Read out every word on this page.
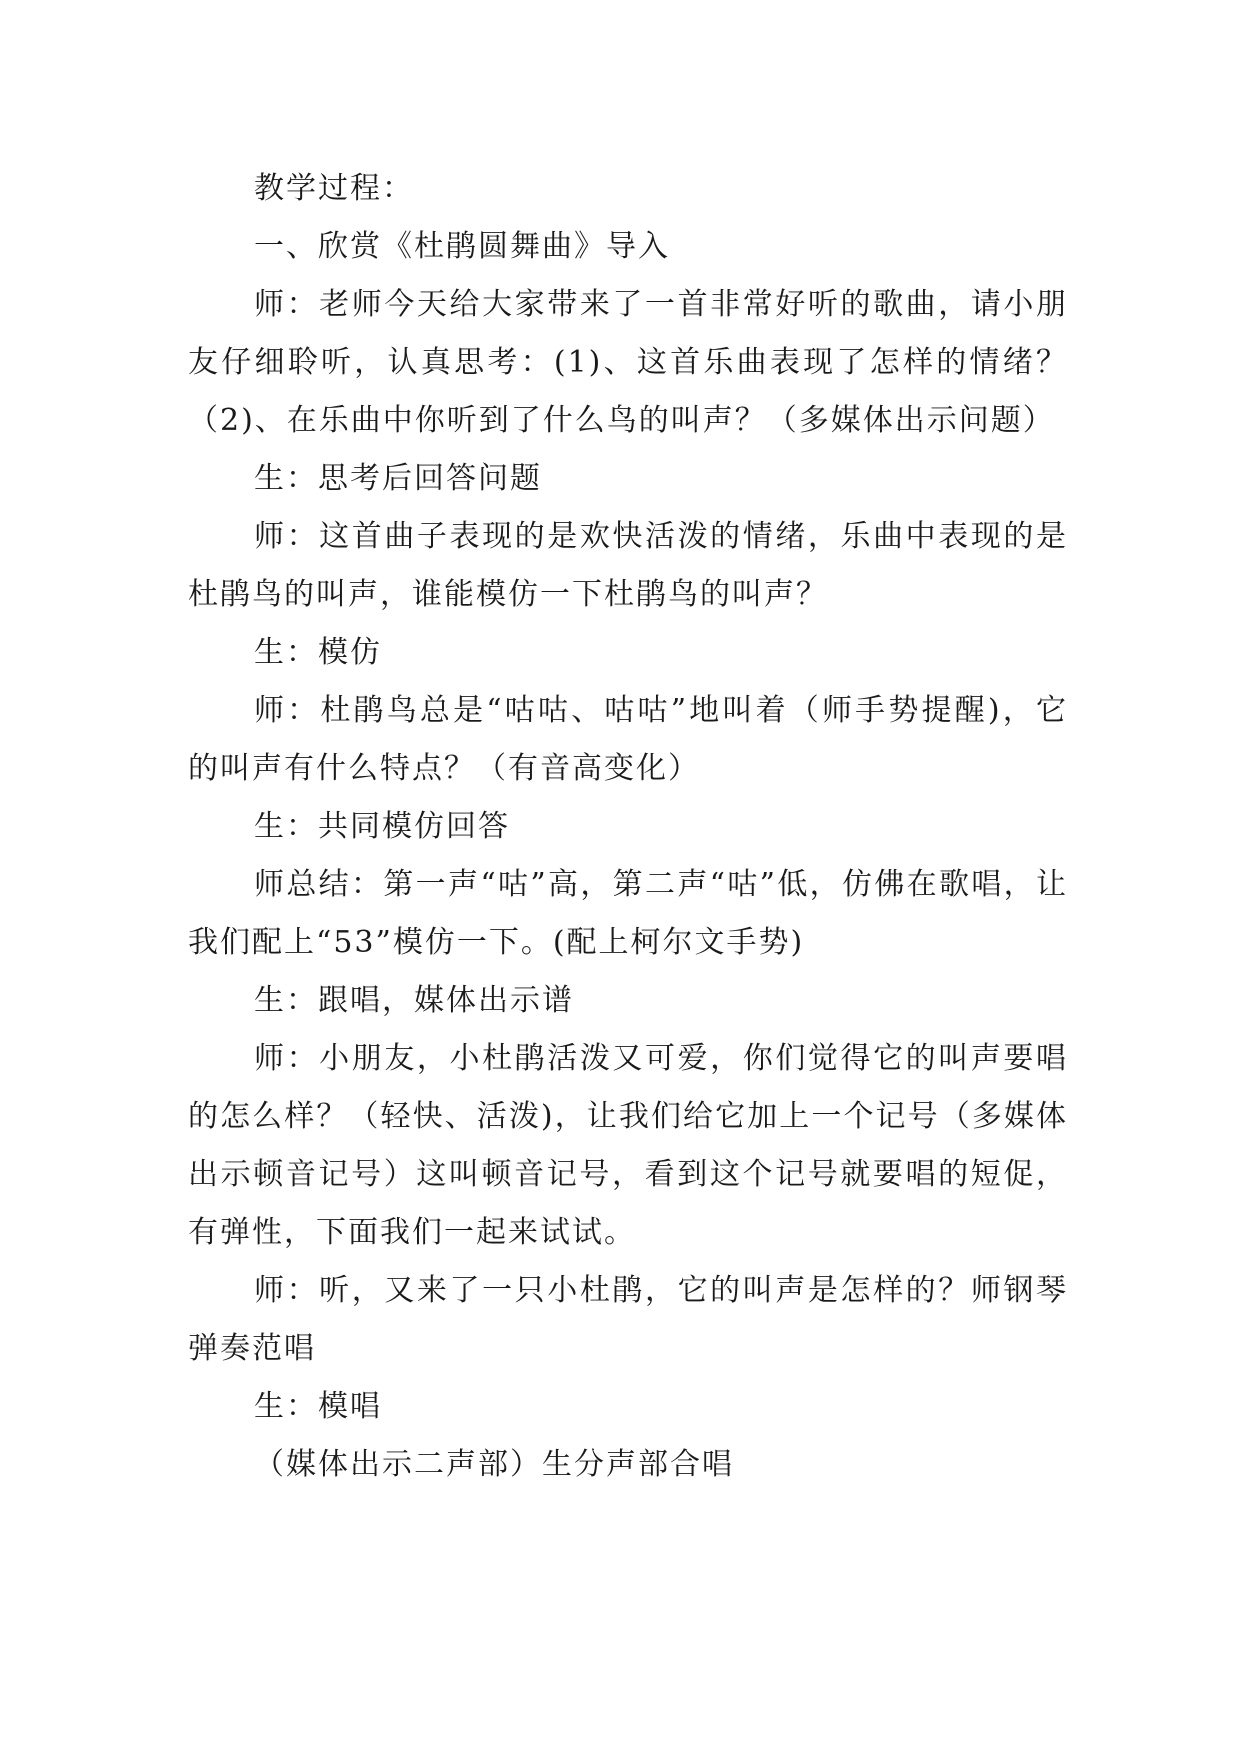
教学过程：

一、欣赏《杜鹃圆舞曲》导入

师：老师今天给大家带来了一首非常好听的歌曲，请小朋友仔细聆听，认真思考：(1)、这首乐曲表现了怎样的情绪？（2)、在乐曲中你听到了什么鸟的叫声？（多媒体出示问题）

生：思考后回答问题

师：这首曲子表现的是欢快活泼的情绪，乐曲中表现的是杜鹃鸟的叫声，谁能模仿一下杜鹃鸟的叫声？

生：模仿

师：杜鹃鸟总是“咕咕、咕咕”地叫着（师手势提醒)，它的叫声有什么特点？（有音高变化）

生：共同模仿回答

师总结：第一声“咕”高，第二声“咕”低，仿佛在歌唱，让我们配上“53”模仿一下。(配上柯尔文手势)

生：跟唱，媒体出示谱

师：小朋友，小杜鹃活泼又可爱，你们觉得它的叫声要唱的怎么样？（轻快、活泼)，让我们给它加上一个记号（多媒体出示顿音记号）这叫顿音记号，看到这个记号就要唱的短促，有弹性，下面我们一起来试试。

师：听，又来了一只小杜鹃，它的叫声是怎样的？师钢琴弹奏范唱

生：模唱

（媒体出示二声部）生分声部合唱
